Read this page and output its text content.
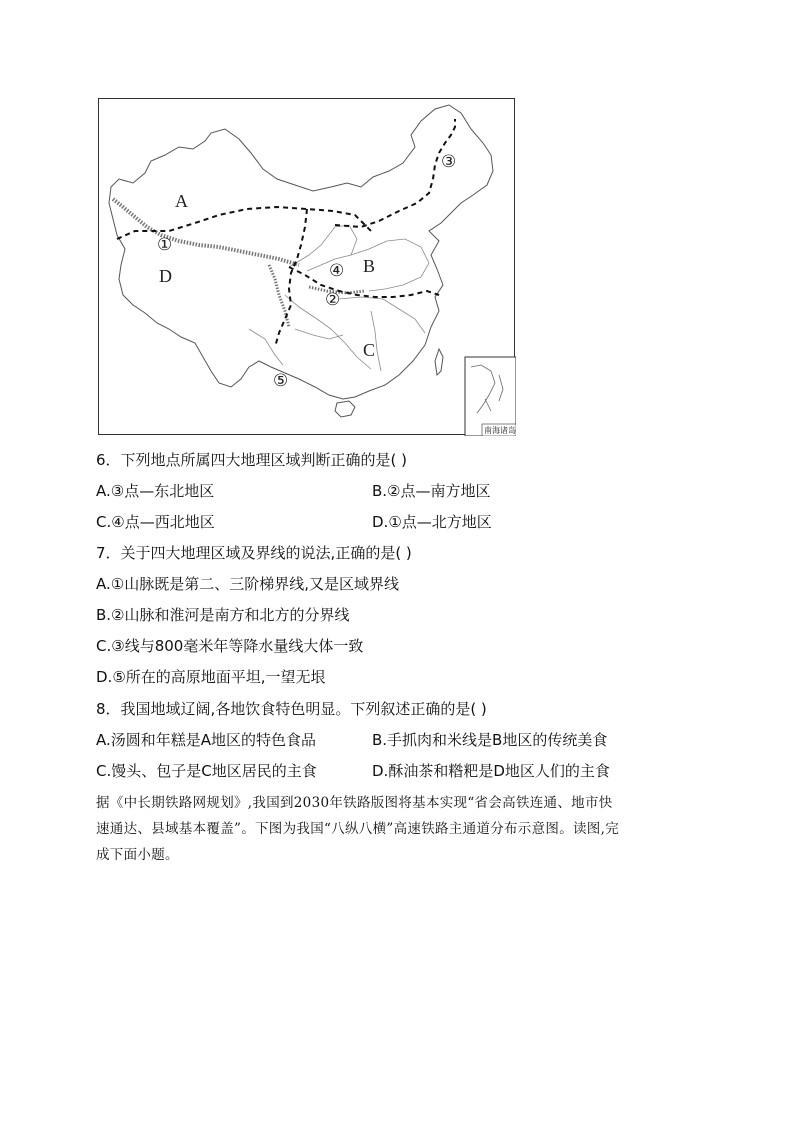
A
B
C
D
①
②
③
④
⑤
南海诸岛
6．下列地点所属四大地理区域判断正确的是( )
A.③点—东北地区	B.②点—南方地区
C.④点—西北地区	D.①点—北方地区
7．关于四大地理区域及界线的说法,正确的是( )
A.①山脉既是第二、三阶梯界线,又是区域界线
B.②山脉和淮河是南方和北方的分界线
C.③线与800毫米年等降水量线大体一致
D.⑤所在的高原地面平坦,一望无垠
8．我国地域辽阔,各地饮食特色明显。下列叙述正确的是( )
A.汤圆和年糕是A地区的特色食品	B.手抓肉和米线是B地区的传统美食
C.馒头、包子是C地区居民的主食	D.酥油茶和糌粑是D地区人们的主食
据《中长期铁路网规划》,我国到2030年铁路版图将基本实现“省会高铁连通、地市快
速通达、县域基本覆盖”。下图为我国“八纵八横”高速铁路主通道分布示意图。读图,完
成下面小题。
